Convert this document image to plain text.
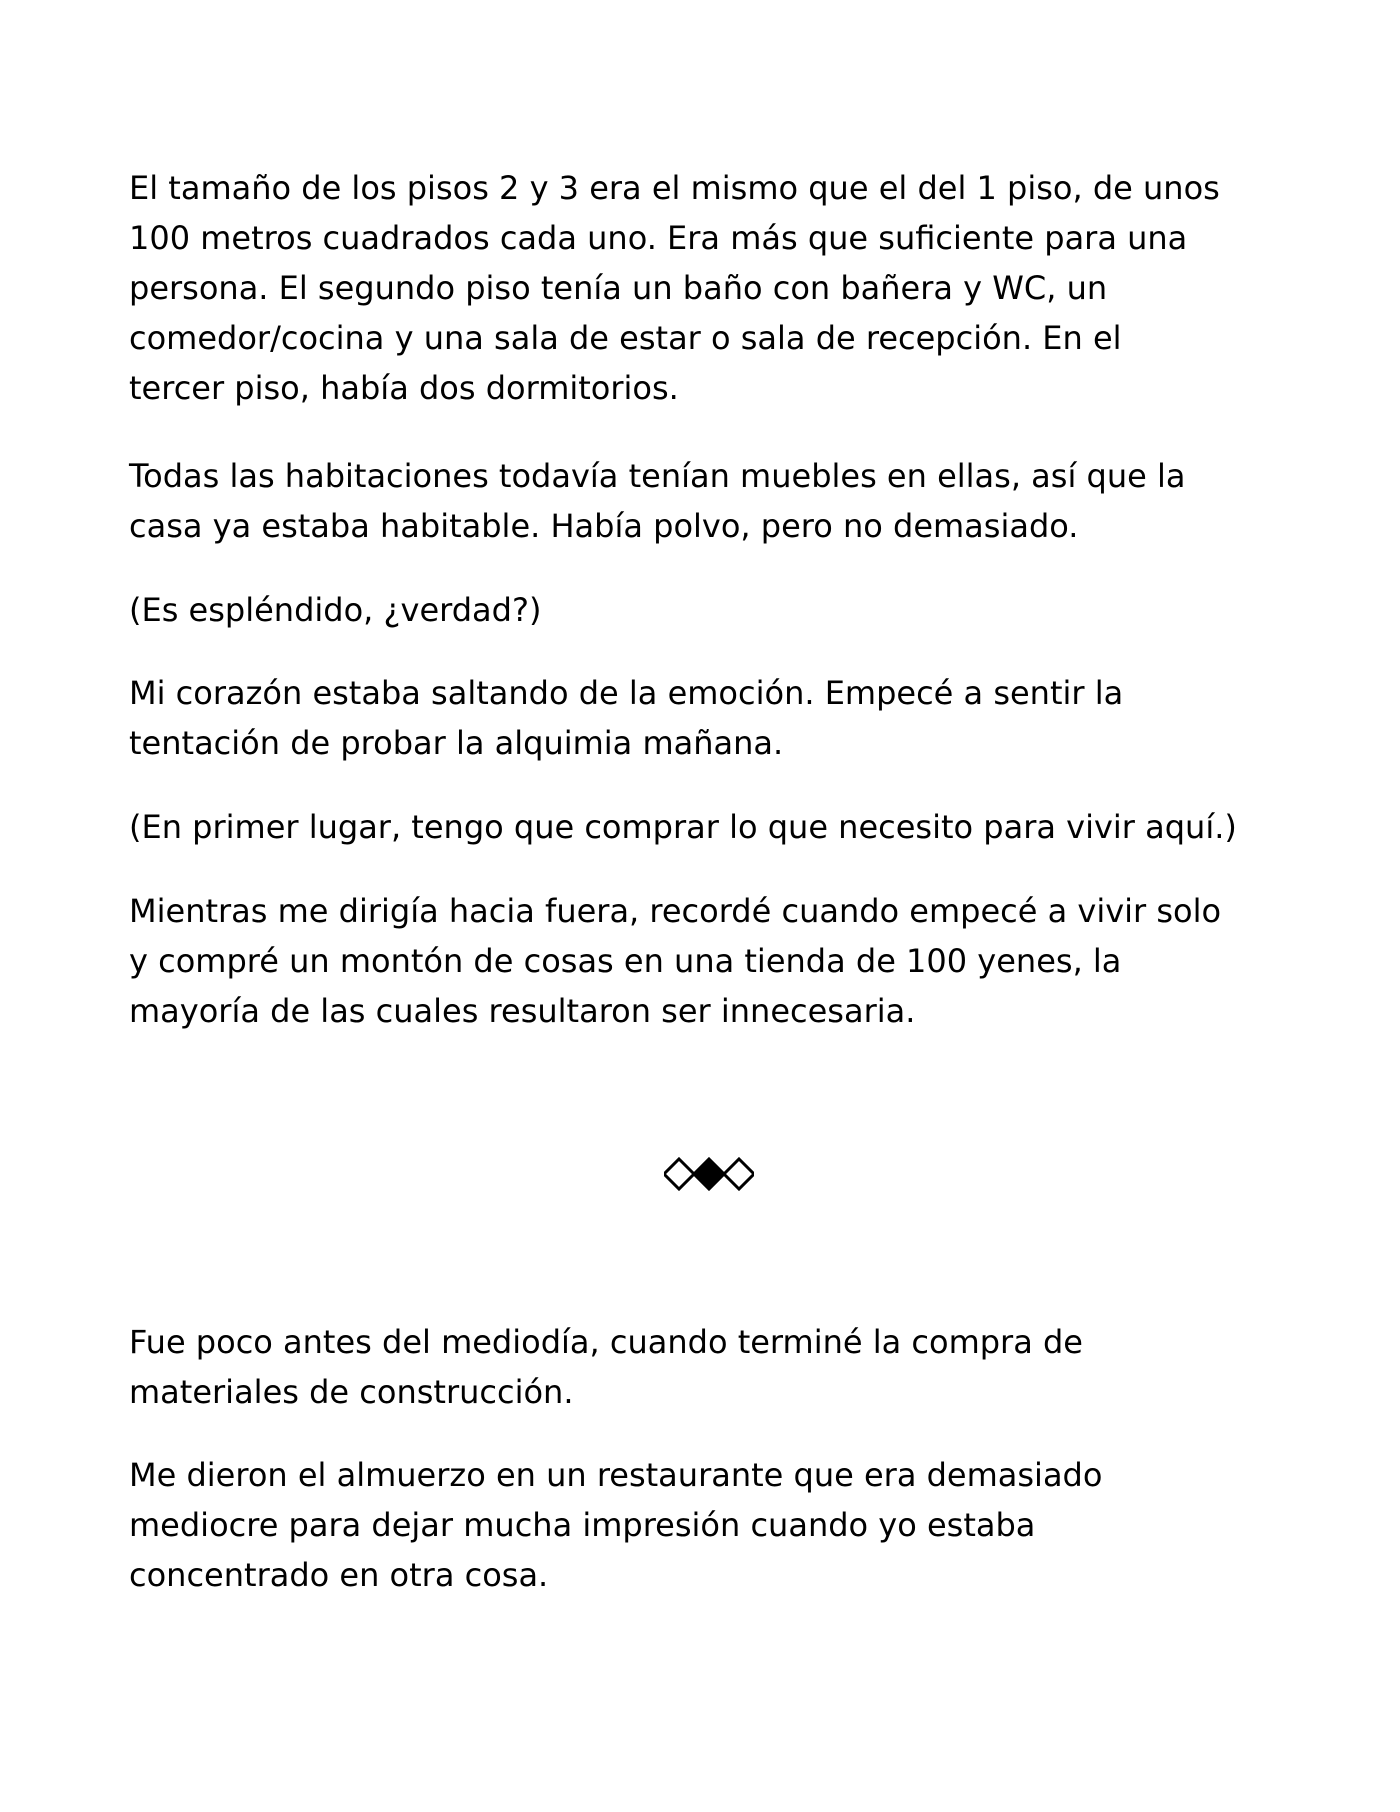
El tamaño de los pisos 2 y 3 era el mismo que el del 1 piso, de unos
100 metros cuadrados cada uno. Era más que suficiente para una
persona. El segundo piso tenía un baño con bañera y WC, un
comedor/cocina y una sala de estar o sala de recepción. En el
tercer piso, había dos dormitorios.

Todas las habitaciones todavía tenían muebles en ellas, así que la
casa ya estaba habitable. Había polvo, pero no demasiado.

(Es espléndido, ¿verdad?)

Mi corazón estaba saltando de la emoción. Empecé a sentir la
tentación de probar la alquimia mañana.

(En primer lugar, tengo que comprar lo que necesito para vivir aquí.)

Mientras me dirigía hacia fuera, recordé cuando empecé a vivir solo
y compré un montón de cosas en una tienda de 100 yenes, la
mayoría de las cuales resultaron ser innecesaria.

Fue poco antes del mediodía, cuando terminé la compra de
materiales de construcción.

Me dieron el almuerzo en un restaurante que era demasiado
mediocre para dejar mucha impresión cuando yo estaba
concentrado en otra cosa.
